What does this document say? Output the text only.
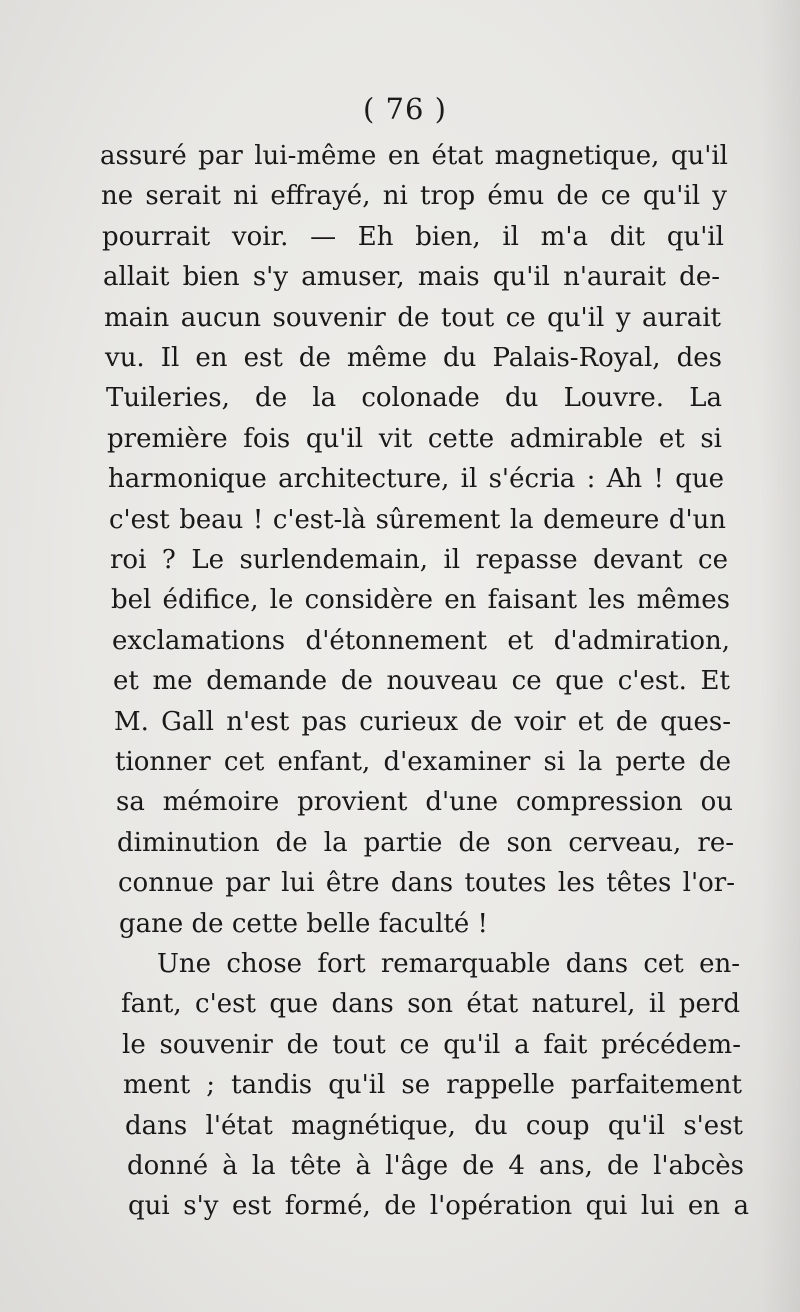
( 76 )
assuré par lui-même en état magnetique, qu'il
ne serait ni effrayé, ni trop ému de ce qu'il y
pourrait voir. — Eh bien, il m'a dit qu'il
allait bien s'y amuser, mais qu'il n'aurait de-
main aucun souvenir de tout ce qu'il y aurait
vu. Il en est de même du Palais-Royal, des
Tuileries, de la colonade du Louvre. La
première fois qu'il vit cette admirable et si
harmonique architecture, il s'écria : Ah ! que
c'est beau ! c'est-là sûrement la demeure d'un
roi ? Le surlendemain, il repasse devant ce
bel édifice, le considère en faisant les mêmes
exclamations d'étonnement et d'admiration,
et me demande de nouveau ce que c'est. Et
M. Gall n'est pas curieux de voir et de ques-
tionner cet enfant, d'examiner si la perte de
sa mémoire provient d'une compression ou
diminution de la partie de son cerveau, re-
connue par lui être dans toutes les têtes l'or-
gane de cette belle faculté !
Une chose fort remarquable dans cet en-
fant, c'est que dans son état naturel, il perd
le souvenir de tout ce qu'il a fait précédem-
ment ; tandis qu'il se rappelle parfaitement
dans l'état magnétique, du coup qu'il s'est
donné à la tête à l'âge de 4 ans, de l'abcès
qui s'y est formé, de l'opération qui lui en a
